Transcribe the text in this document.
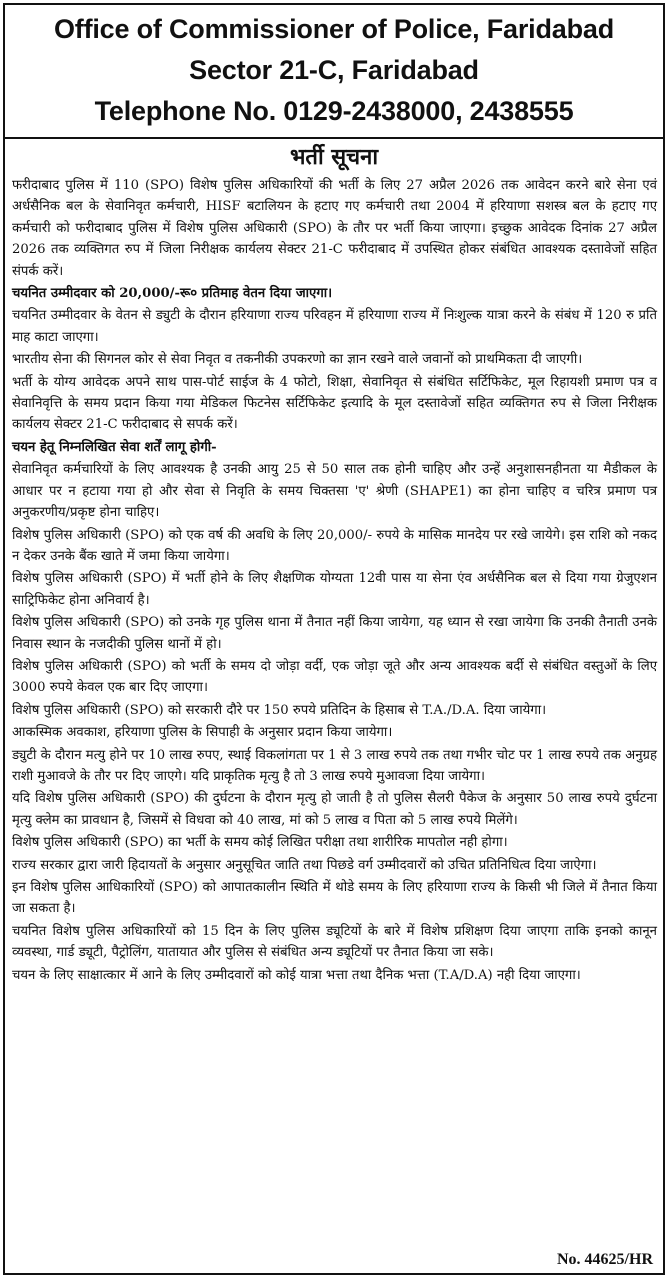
Office of Commissioner of Police, Faridabad
Sector 21-C, Faridabad
Telephone No. 0129-2438000, 2438555
भर्ती सूचना

फरीदाबाद पुलिस में 110 (SPO) विशेष पुलिस अधिकारियों की भर्ती के लिए 27 अप्रैल 2026 तक आवेदन करने बारे सेना एवं अर्धसैनिक बल के सेवानिवृत कर्मचारी, HISF बटालियन के हटाए गए कर्मचारी तथा 2004 में हरियाणा सशस्त्र बल के हटाए गए कर्मचारी को फरीदाबाद पुलिस में विशेष पुलिस अधिकारी (SPO) के तौर पर भर्ती किया जाएगा। इच्छुक आवेदक दिनांक 27 अप्रैल 2026 तक व्यक्तिगत रुप में जिला निरीक्षक कार्यलय सेक्टर 21-C फरीदाबाद में उपस्थित होकर संबंधित आवश्यक दस्तावेजों सहित संपर्क करें।

चयनित उम्मीदवार को 20,000/-रू० प्रतिमाह वेतन दिया जाएगा।

चयनित उम्मीदवार के वेतन से ड्युटी के दौरान हरियाणा राज्य परिवहन में हरियाणा राज्य में निःशुल्क यात्रा करने के संबंध में 120 रु प्रति माह काटा जाएगा।

भारतीय सेना की सिगनल कोर से सेवा निवृत व तकनीकी उपकरणो का ज्ञान रखने वाले जवानों को प्राथमिकता दी जाएगी।

भर्ती के योग्य आवेदक अपने साथ पास-पोर्ट साईज के 4 फोटो, शिक्षा, सेवानिवृत से संबंधित सर्टिफिकेट, मूल रिहायशी प्रमाण पत्र व सेवानिवृत्ति के समय प्रदान किया गया मेडिकल फिटनेस सर्टिफिकेट इत्यादि के मूल दस्तावेजों सहित व्यक्तिगत रुप से जिला निरीक्षक कार्यलय सेक्टर 21-C फरीदाबाद से सपर्क करें।

चयन हेतू निम्नलिखित सेवा शर्तें लागू होगी-

सेवानिवृत कर्मचारियों के लिए आवश्यक है उनकी आयु 25 से 50 साल तक होनी चाहिए और उन्हें अनुशासनहीनता या मैडीकल के आधार पर न हटाया गया हो और सेवा से निवृति के समय चिक्तसा 'ए' श्रेणी (SHAPE1) का होना चाहिए व चरित्र प्रमाण पत्र अनुकरणीय/प्रकृष्ट होना चाहिए।

विशेष पुलिस अधिकारी (SPO) को एक वर्ष की अवधि के लिए 20,000/- रुपये के मासिक मानदेय पर रखे जायेगे। इस राशि को नकद न देकर उनके बैंक खाते में जमा किया जायेगा।

विशेष पुलिस अधिकारी (SPO) में भर्ती होने के लिए शैक्षणिक योग्यता 12वी पास या सेना एंव अर्धसैनिक बल से दिया गया ग्रेजुएशन साट्रिफिकेट होना अनिवार्य है।

विशेष पुलिस अधिकारी (SPO) को उनके गृह पुलिस थाना में तैनात नहीं किया जायेगा, यह ध्यान से रखा जायेगा कि उनकी तैनाती उनके निवास स्थान के नजदीकी पुलिस थानों में हो।

विशेष पुलिस अधिकारी (SPO) को भर्ती के समय दो जोड़ा वर्दी, एक जोड़ा जूते और अन्य आवश्यक बर्दी से संबंधित वस्तुओं के लिए 3000 रुपये केवल एक बार दिए जाएगा।

विशेष पुलिस अधिकारी (SPO) को सरकारी दौरे पर 150 रुपये प्रतिदिन के हिसाब से T.A./D.A. दिया जायेगा।

आकस्मिक अवकाश, हरियाणा पुलिस के सिपाही के अनुसार प्रदान किया जायेगा।

ड्युटी के दौरान मत्यु होने पर 10 लाख रुपए, स्थाई विकलांगता पर 1 से 3 लाख रुपये तक तथा गभीर चोट पर 1 लाख रुपये तक अनुग्रह राशी मुआवजे के तौर पर दिए जाएगे। यदि प्राकृतिक मृत्यु है तो 3 लाख रुपये मुआवजा दिया जायेगा।

यदि विशेष पुलिस अधिकारी (SPO) की दुर्घटना के दौरान मृत्यु हो जाती है तो पुलिस सैलरी पैकेज के अनुसार 50 लाख रुपये दुर्घटना मृत्यु क्लेम का प्रावधान है, जिसमें से विधवा को 40 लाख, मां को 5 लाख व पिता को 5 लाख रुपये मिलेंगे।

विशेष पुलिस अधिकारी (SPO) का भर्ती के समय कोई लिखित परीक्षा तथा शारीरिक मापतोल नही होगा।

राज्य सरकार द्वारा जारी हिदायतों के अनुसार अनुसूचित जाति तथा पिछडे वर्ग उम्मीदवारों को उचित प्रतिनिधित्व दिया जाऐगा।

इन विशेष पुलिस आधिकारियों (SPO) को आपातकालीन स्थिति में थोडे समय के लिए हरियाणा राज्य के किसी भी जिले में तैनात किया जा सकता है।

चयनित विशेष पुलिस अधिकारियों को 15 दिन के लिए पुलिस ड्यूटियों के बारे में विशेष प्रशिक्षण दिया जाएगा ताकि इनको कानून व्यवस्था, गार्ड ड्यूटी, पैट्रोलिंग, यातायात और पुलिस से संबंधित अन्य ड्यूटियों पर तैनात किया जा सके।

चयन के लिए साक्षात्कार में आने के लिए उम्मीदवारों को कोई यात्रा भत्ता तथा दैनिक भत्ता (T.A/D.A) नही दिया जाएगा।

No. 44625/HR
